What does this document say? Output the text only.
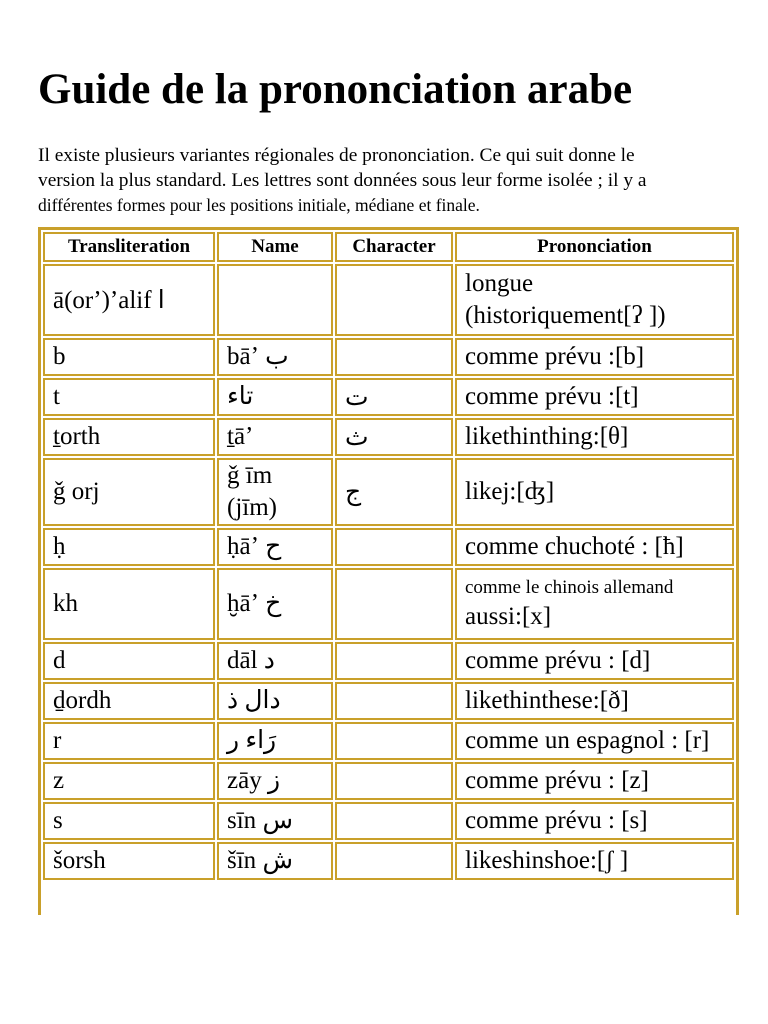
Guide de la prononciation arabe

Il existe plusieurs variantes régionales de prononciation. Ce qui suit donne le
version la plus standard. Les lettres sont données sous leur forme isolée ; il y a
différentes formes pour les positions initiale, médiane et finale.

Transliteration	Name	Character	Prononciation
ā(orʼ)ʼalif ا			longue
(historiquement[ʔ ])
b	bāʼ ب		comme prévu :[b]
t	تاء	ت	comme prévu :[t]
ṯorth	ṯāʼ	ث	likethinthing:[θ]
ǧ orj	ǧ īm
(jīm)	ج	likej:[ʤ]
ḥ	ḥāʼ ح		comme chuchoté : [ħ]
kh	ḫāʼ خ		comme le chinois allemand
aussi:[x]
d	dāl د		comme prévu : [d]
ḏordh	دال ذ		likethinthese:[ð]
r	رَاء ر		comme un espagnol : [r]
z	zāy ز		comme prévu : [z]
s	sīn س		comme prévu : [s]
šorsh	šīn ش		likeshinshoe:[ʃ ]
